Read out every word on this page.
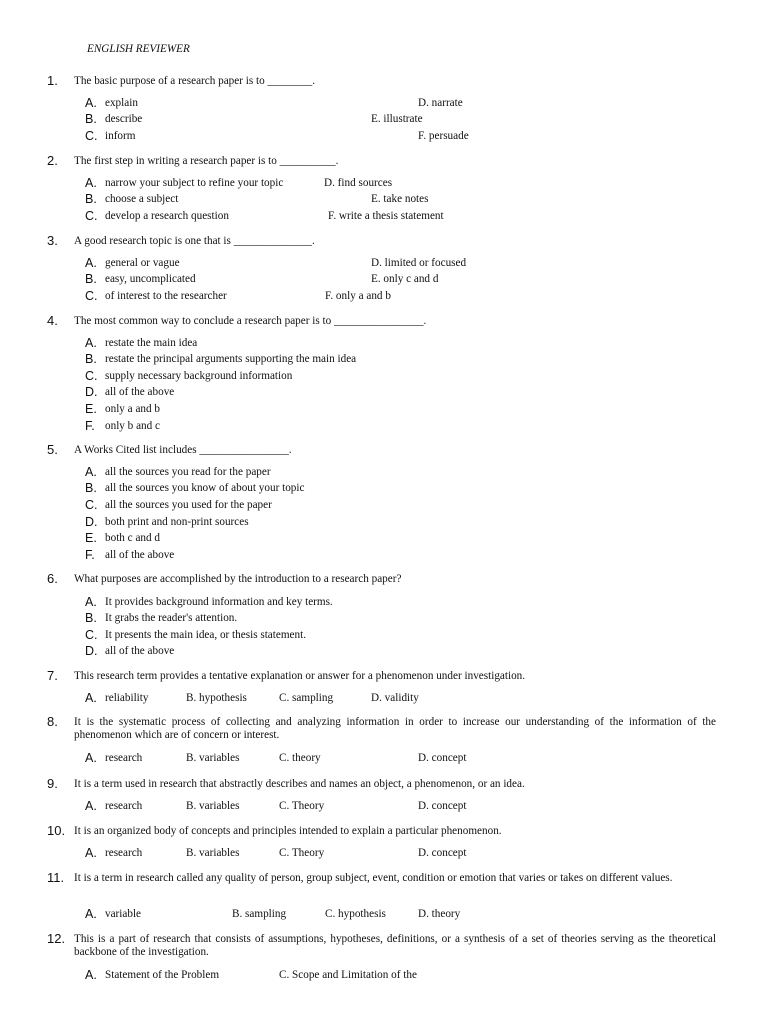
ENGLISH REVIEWER
1. The basic purpose of a research paper is to ________.
A. explain
B. describe
C. inform
D. narrate
E. illustrate
F. persuade
2. The first step in writing a research paper is to __________.
A. narrow your subject to refine your topic
B. choose a subject
C. develop a research question
D. find sources
E. take notes
F. write a thesis statement
3. A good research topic is one that is ______________.
A. general or vague
B. easy, uncomplicated
C. of interest to the researcher
D. limited or focused
E. only c and d
F. only a and b
4. The most common way to conclude a research paper is to ________________.
A. restate the main idea
B. restate the principal arguments supporting the main idea
C. supply necessary background information
D. all of the above
E. only a and b
F. only b and c
5. A Works Cited list includes ________________.
A. all the sources you read for the paper
B. all the sources you know of about your topic
C. all the sources you used for the paper
D. both print and non-print sources
E. both c and d
F. all of the above
6. What purposes are accomplished by the introduction to a research paper?
A. It provides background information and key terms.
B. It grabs the reader's attention.
C. It presents the main idea, or thesis statement.
D. all of the above
7. This research term provides a tentative explanation or answer for a phenomenon under investigation.
A. reliability	B. hypothesis	C. sampling	D. validity
8. It is the systematic process of collecting and analyzing information in order to increase our understanding of the information of the phenomenon which are of concern or interest.
A. research	B. variables	C. theory	D. concept
9. It is a term used in research that abstractly describes and names an object, a phenomenon, or an idea.
A. research	B. variables	C. Theory	D. concept
10. It is an organized body of concepts and principles intended to explain a particular phenomenon.
A. research	B. variables	C. Theory	D. concept
11. It is a term in research called any quality of person, group subject, event, condition or emotion that varies or takes on different values.
A. variable	B. sampling	C. hypothesis	D. theory
12. This is a part of research that consists of assumptions, hypotheses, definitions, or a synthesis of a set of theories serving as the theoretical backbone of the investigation.
A. Statement of the Problem	C. Scope and Limitation of the
